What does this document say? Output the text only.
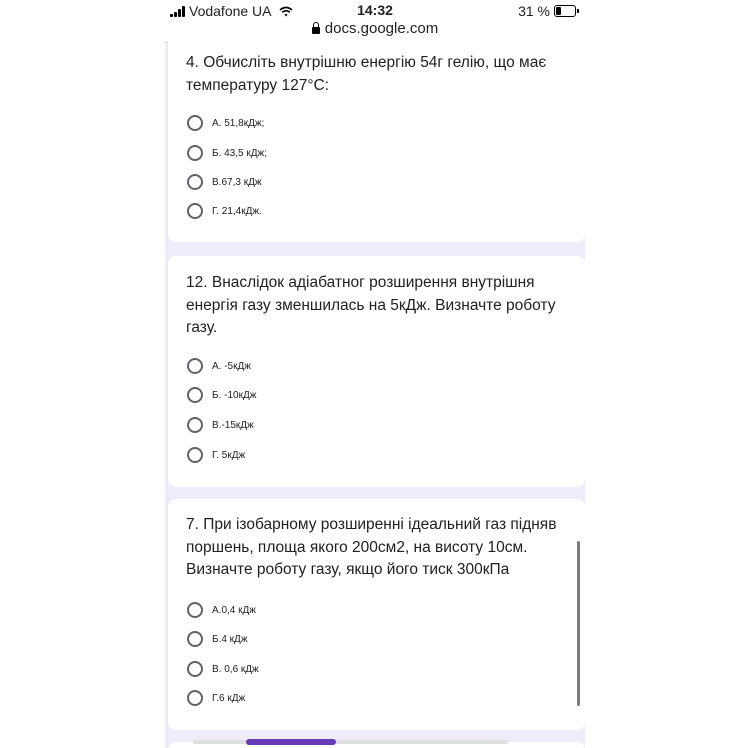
Vodafone UA	14:32	31 %
docs.google.com
4. Обчисліть внутрішню енергію 54г гелію, що має температуру 127°C:
А. 51,8кДж;
Б. 43,5 кДж;
В.67,3 кДж
Г. 21,4кДж.
12. Внаслідок адіабатног розширення внутрішня енергія газу зменшилась на 5кДж. Визначте роботу газу.
А. -5кДж
Б. -10кДж
В.-15кДж
Г. 5кДж
7. При ізобарному розширенні ідеальний газ підняв поршень, площа якого 200см2, на висоту 10см. Визначте роботу газу, якщо його тиск 300кПа
А.0,4 кДж
Б.4 кДж
В. 0,6 кДж
Г.6 кДж
